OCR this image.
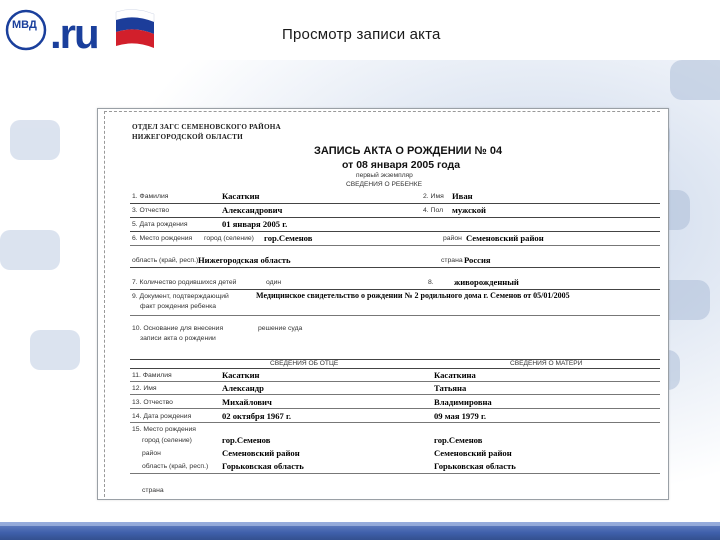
МВД .ru	Просмотр записи акта
ОТДЕЛ ЗАГС СЕМЕНОВСКОГО РАЙОНА
НИЖЕГОРОДСКОЙ ОБЛАСТИ
ЗАПИСЬ АКТА О РОЖДЕНИИ № 04
от 08 января 2005 года
первый экземпляр
СВЕДЕНИЯ О РЕБЕНКЕ
1. Фамилия	Касаткин	2. Имя Иван
3. Отчество	Александрович	4. Пол мужской
5. Дата рождения	01 января 2005 г.
6. Место рождения город (селение) гор.Семенов	район Семеновский район
область (край, респ.) Нижегородская область	страна Россия
7. Количество родившихся детей	один	8. живорожденный
9. Документ, подтверждающий
факт рождения ребенка
Медицинское свидетельство о рождении № 2 родильного дома г. Семенов от 05/01/2005
10. Основание для внесения	решение суда
записи акта о рождении
СВЕДЕНИЯ ОБ ОТЦЕ	СВЕДЕНИЯ О МАТЕРИ
11. Фамилия	Касаткин	Касаткина
12. Имя	Александр	Татьяна
13. Отчество	Михайлович	Владимировна
14. Дата рождения	02 октября 1967 г.	09 мая 1979 г.
15. Место рождения
город (селение)	гор.Семенов	гор.Семенов
район	Семеновский район	Семеновский район
область (край, респ.) Горьковская область	Горьковская область
страна
